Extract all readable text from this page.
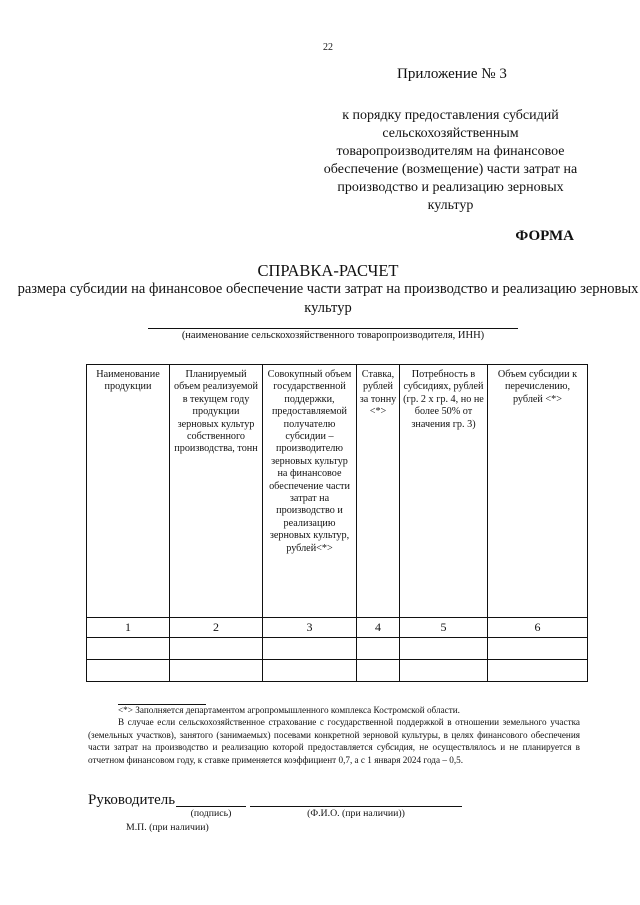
22
Приложение № 3
к порядку предоставления субсидий сельскохозяйственным товаропроизводителям на финансовое обеспечение (возмещение) части затрат на производство и реализацию зерновых культур
ФОРМА
СПРАВКА-РАСЧЕТ
размера субсидии на финансовое обеспечение части затрат на производство и реализацию зерновых культур
(наименование сельскохозяйственного товаропроизводителя, ИНН)
Наименование продукции	Планируемый объем реализуемой в текущем году продукции зерновых культур собственного производства, тонн	Совокупный объем государственной поддержки, предоставляемой получателю субсидии – производителю зерновых культур на финансовое обеспечение части затрат на производство и реализацию зерновых культур, рублей<*>	Ставка, рублей за тонну <*>	Потребность в субсидиях, рублей (гр. 2 х гр. 4, но не более 50% от значения гр. 3)	Объем субсидии к перечислению, рублей <*>
1	2	3	4	5	6

<*> Заполняется департаментом агропромышленного комплекса Костромской области.
В случае если сельскохозяйственное страхование с государственной поддержкой в отношении земельного участка (земельных участков), занятого (занимаемых) посевами конкретной зерновой культуры, в целях финансового обеспечения части затрат на производство и реализацию которой предоставляется субсидия, не осуществлялось и не планируется в отчетном финансовом году, к ставке применяется коэффициент 0,7, а с 1 января 2024 года – 0,5.
Руководитель
(подпись)	(Ф.И.О. (при наличии))
М.П. (при наличии)
